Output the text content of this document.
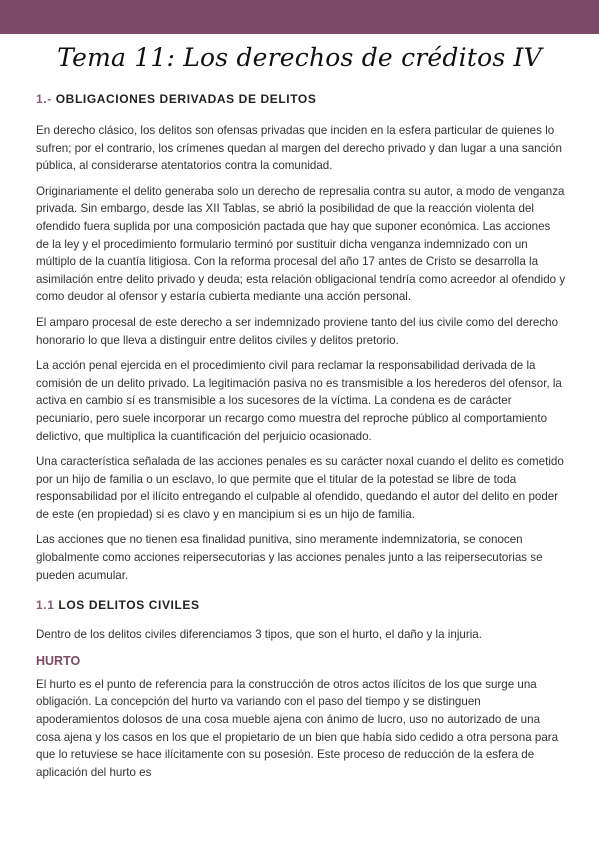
Tema 11: Los derechos de créditos IV
1.- OBLIGACIONES DERIVADAS DE DELITOS

En derecho clásico, los delitos son ofensas privadas que inciden en la esfera particular de quienes lo sufren; por el contrario, los crímenes quedan al margen del derecho privado y dan lugar a una sanción pública, al considerarse atentatorios contra la comunidad.

Originariamente el delito generaba solo un derecho de represalia contra su autor, a modo de venganza privada. Sin embargo, desde las XII Tablas, se abrió la posibilidad de que la reacción violenta del ofendido fuera suplida por una composición pactada que hay que suponer económica. Las acciones de la ley y el procedimiento formulario terminó por sustituir dicha venganza indemnizado con un múltiplo de la cuantía litigiosa. Con la reforma procesal del año 17 antes de Cristo se desarrolla la asimilación entre delito privado y deuda; esta relación obligacional tendría como acreedor al ofendido y como deudor al ofensor y estaría cubierta mediante una acción personal.

El amparo procesal de este derecho a ser indemnizado proviene tanto del ius civile como del derecho honorario lo que lleva a distinguir entre delitos civiles y delitos pretorio.

La acción penal ejercida en el procedimiento civil para reclamar la responsabilidad derivada de la comisión de un delito privado. La legitimación pasiva no es transmisible a los herederos del ofensor, la activa en cambio sí es transmisible a los sucesores de la víctima. La condena es de carácter pecuniario, pero suele incorporar un recargo como muestra del reproche público al comportamiento delictivo, que multiplica la cuantificación del perjuicio ocasionado.

Una característica señalada de las acciones penales es su carácter noxal cuando el delito es cometido por un hijo de familia o un esclavo, lo que permite que el titular de la potestad se libre de toda responsabilidad por el ilícito entregando el culpable al ofendido, quedando el autor del delito en poder de este (en propiedad) si es clavo y en mancipium si es un hijo de familia.

Las acciones que no tienen esa finalidad punitiva, sino meramente indemnizatoria, se conocen globalmente como acciones reipersecutorias y las acciones penales junto a las reipersecutorias se pueden acumular.

1.1 LOS DELITOS CIVILES

Dentro de los delitos civiles diferenciamos 3 tipos, que son el hurto, el daño y la injuria.

HURTO

El hurto es el punto de referencia para la construcción de otros actos ilícitos de los que surge una obligación. La concepción del hurto va variando con el paso del tiempo y se distinguen apoderamientos dolosos de una cosa mueble ajena con ánimo de lucro, uso no autorizado de una cosa ajena y los casos en los que el propietario de un bien que había sido cedido a otra persona para que lo retuviese se hace ilícitamente con su posesión. Este proceso de reducción de la esfera de aplicación del hurto es
